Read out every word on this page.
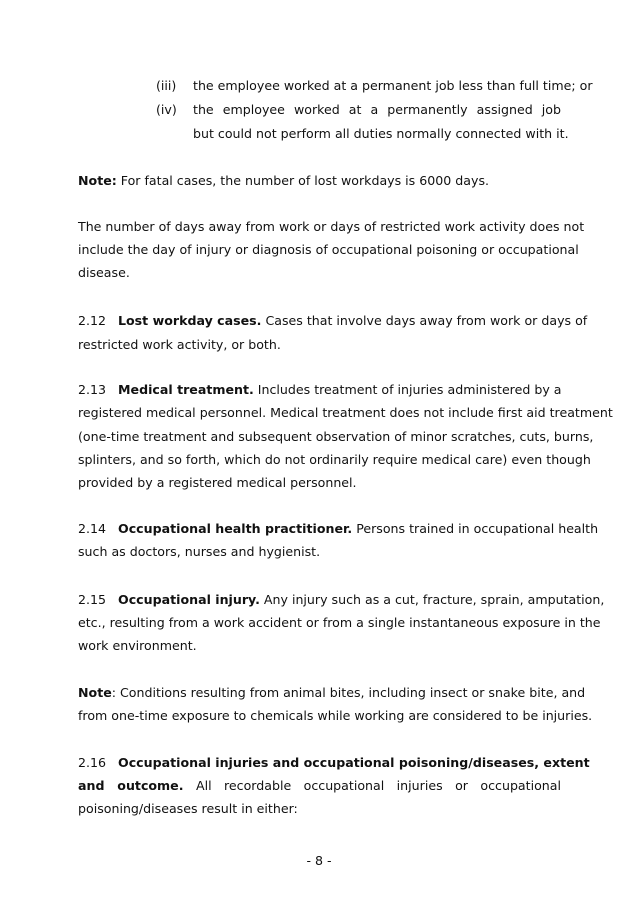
(iii)	the employee worked at a permanent job less than full time; or
(iv)	the employee worked at a permanently assigned job
but could not perform all duties normally connected with it.
Note: For fatal cases, the number of lost workdays is 6000 days.
The number of days away from work or days of restricted work activity does not
include the day of injury or diagnosis of occupational poisoning or occupational
disease.
2.12 Lost workday cases. Cases that involve days away from work or days of
restricted work activity, or both.
2.13 Medical treatment. Includes treatment of injuries administered by a
registered medical personnel. Medical treatment does not include first aid treatment
(one-time treatment and subsequent observation of minor scratches, cuts, burns,
splinters, and so forth, which do not ordinarily require medical care) even though
provided by a registered medical personnel.
2.14 Occupational health practitioner. Persons trained in occupational health
such as doctors, nurses and hygienist.
2.15 Occupational injury. Any injury such as a cut, fracture, sprain, amputation,
etc., resulting from a work accident or from a single instantaneous exposure in the
work environment.
Note: Conditions resulting from animal bites, including insect or snake bite, and
from one-time exposure to chemicals while working are considered to be injuries.
2.16 Occupational injuries and occupational poisoning/diseases, extent
and outcome. All recordable occupational injuries or occupational
poisoning/diseases result in either:
- 8 -
